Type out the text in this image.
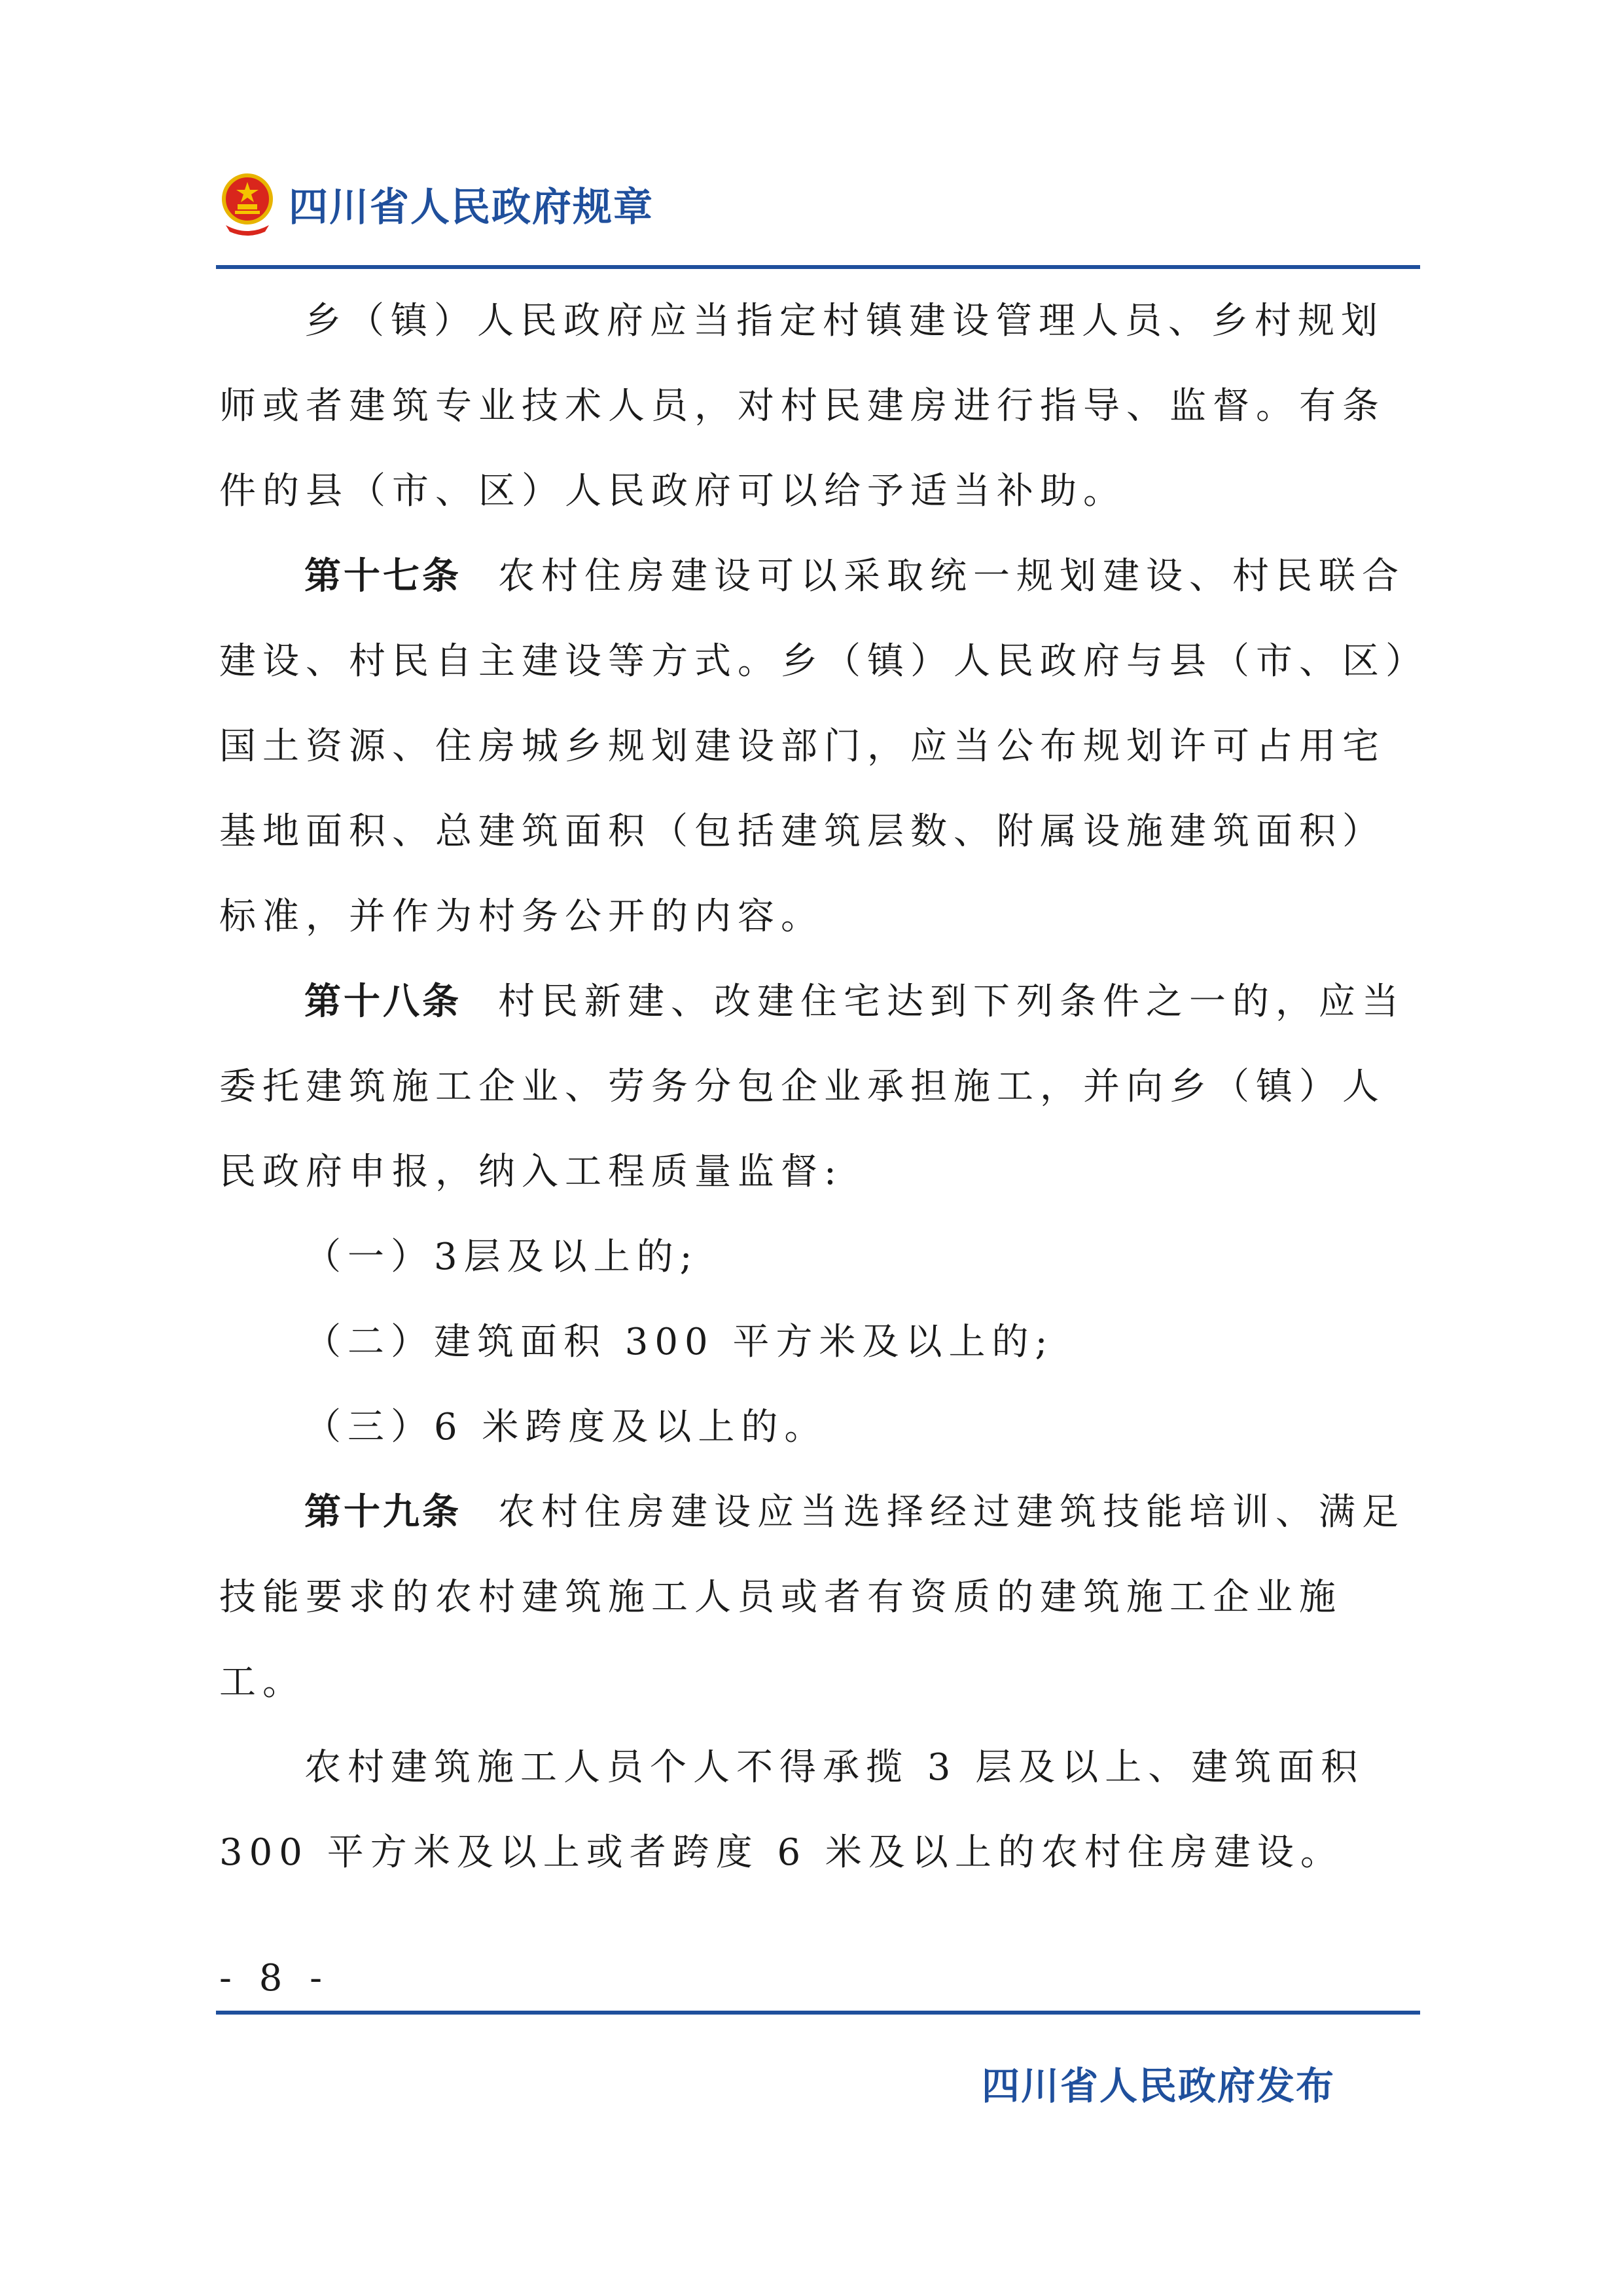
四川省人民政府规章

乡（镇）人民政府应当指定村镇建设管理人员、乡村规划师或者建筑专业技术人员，对村民建房进行指导、监督。有条件的县（市、区）人民政府可以给予适当补助。

第十七条 农村住房建设可以采取统一规划建设、村民联合建设、村民自主建设等方式。乡（镇）人民政府与县（市、区）国土资源、住房城乡规划建设部门，应当公布规划许可占用宅基地面积、总建筑面积（包括建筑层数、附属设施建筑面积）标准，并作为村务公开的内容。

第十八条 村民新建、改建住宅达到下列条件之一的，应当委托建筑施工企业、劳务分包企业承担施工，并向乡（镇）人民政府申报，纳入工程质量监督:

（一）3层及以上的;

（二）建筑面积 300 平方米及以上的;

（三）6 米跨度及以上的。

第十九条 农村住房建设应当选择经过建筑技能培训、满足技能要求的农村建筑施工人员或者有资质的建筑施工企业施工。

农村建筑施工人员个人不得承揽 3 层及以上、建筑面积 300 平方米及以上或者跨度 6 米及以上的农村住房建设。

- 8 -
四川省人民政府发布
